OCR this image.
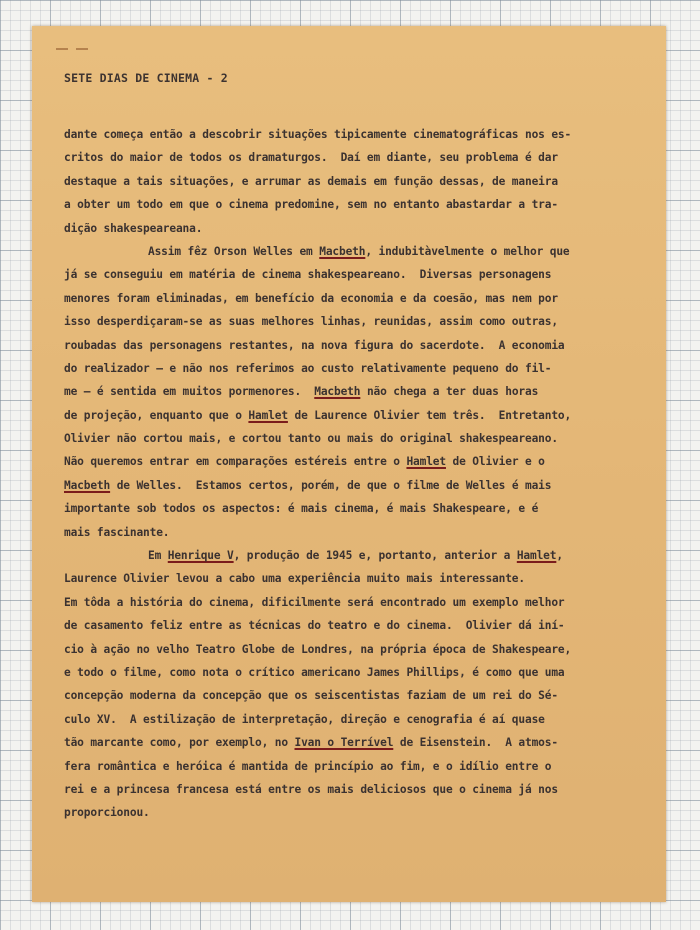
SETE DIAS DE CINEMA - 2
dante começa então a descobrir situações tipicamente cinematográficas nos es-
critos do maior de todos os dramaturgos.  Daí em diante, seu problema é dar
destaque a tais situações, e arrumar as demais em função dessas, de maneira
a obter um todo em que o cinema predomine, sem no entanto abastardar a tra-
dição shakespeareana.
Assim fêz Orson Welles em Macbeth, indubitàvelmente o melhor que
já se conseguiu em matéria de cinema shakespeareano.  Diversas personagens
menores foram eliminadas, em benefício da economia e da coesão, mas nem por
isso desperdiçaram-se as suas melhores linhas, reunidas, assim como outras,
roubadas das personagens restantes, na nova figura do sacerdote.  A economia
do realizador — e não nos referimos ao custo relativamente pequeno do fil-
me — é sentida em muitos pormenores.  Macbeth não chega a ter duas horas
de projeção, enquanto que o Hamlet de Laurence Olivier tem três.  Entretanto,
Olivier não cortou mais, e cortou tanto ou mais do original shakespeareano.
Não queremos entrar em comparações estéreis entre o Hamlet de Olivier e o
Macbeth de Welles.  Estamos certos, porém, de que o filme de Welles é mais
importante sob todos os aspectos: é mais cinema, é mais Shakespeare, e é
mais fascinante.
Em Henrique V, produção de 1945 e, portanto, anterior a Hamlet,
Laurence Olivier levou a cabo uma experiência muito mais interessante.
Em tôda a história do cinema, dificilmente será encontrado um exemplo melhor
de casamento feliz entre as técnicas do teatro e do cinema.  Olivier dá iní-
cio à ação no velho Teatro Globe de Londres, na própria época de Shakespeare,
e todo o filme, como nota o crítico americano James Phillips, é como que uma
concepção moderna da concepção que os seiscentistas faziam de um rei do Sé-
culo XV.  A estilização de interpretação, direção e cenografia é aí quase
tão marcante como, por exemplo, no Ivan o Terrível de Eisenstein.  A atmos-
fera romântica e heróica é mantida de princípio ao fim, e o idílio entre o
rei e a princesa francesa está entre os mais deliciosos que o cinema já nos
proporcionou.
